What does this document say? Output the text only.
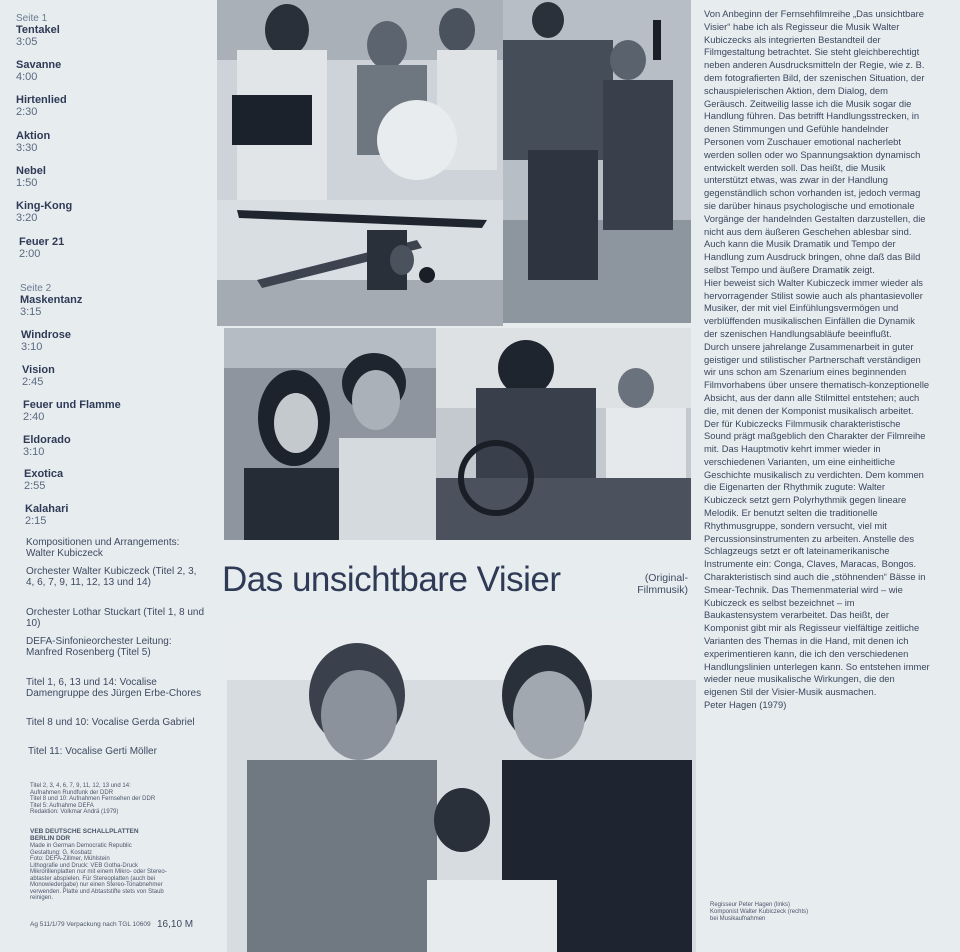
Seite 1
Tentakel
3:05
Savanne
4:00
Hirtenlied
2:30
Aktion
3:30
Nebel
1:50
King-Kong
3:20
Feuer 21
2:00
Seite 2
Maskentanz
3:15
Windrose
3:10
Vision
2:45
Feuer und Flamme
2:40
Eldorado
3:10
Exotica
2:55
Kalahari
2:15
Kompositionen und Arrangements: Walter Kubiczeck
Orchester Walter Kubiczeck (Titel 2, 3, 4, 6, 7, 9, 11, 12, 13 und 14)
Orchester Lothar Stuckart (Titel 1, 8 und 10)
DEFA-Sinfonieorchester Leitung: Manfred Rosenberg (Titel 5)
Titel 1, 6, 13 und 14: Vocalise Damengruppe des Jürgen Erbe-Chores
Titel 8 und 10: Vocalise Gerda Gabriel
Titel 11: Vocalise Gerti Möller
Titel 2, 3, 4, 6, 7, 9, 11, 12, 13 und 14:
Aufnahmen Rundfunk der DDR
Titel 8 und 10: Aufnahmen Fernsehen der DDR
Titel 5: Aufnahme DEFA
Redaktion: Volkmar Andrä (1979)
VEB DEUTSCHE SCHALLPLATTEN
BERLIN DDR
Made in German Democratic Republic
Gestaltung: G. Kosbatz
Foto: DEFA-Zillmer, Mühlstein
Lithografie und Druck: VEB Gotha-Druck
Mikrorillenplatten nur mit einem Mikro- oder Stereo-
abtaster abspielen. Für Stereoplatten (auch bei
Monowiedergabe) nur einen Stereo-Tonabnehmer
verwenden. Platte und Abtaststifte stets von Staub
reinigen.
Ag 511/1/79 Verpackung nach TGL 10609 16,10 M
Das unsichtbare Visier	(Original-
Filmmusik)

Von Anbeginn der Fernsehfilmreihe „Das unsichtbare Visier“ habe ich als Regisseur die Musik Walter Kubiczecks als integrierten Bestandteil der Filmgestaltung betrachtet. Sie steht gleichberechtigt neben anderen Ausdrucksmitteln der Regie, wie z. B. dem fotografierten Bild, der szenischen Situation, der schauspielerischen Aktion, dem Dialog, dem Geräusch. Zeitweilig lasse ich die Musik sogar die Handlung führen. Das betrifft Handlungsstrecken, in denen Stimmungen und Gefühle handelnder Personen vom Zuschauer emotional nacherlebt werden sollen oder wo Spannungsaktion dynamisch entwickelt werden soll. Das heißt, die Musik unterstützt etwas, was zwar in der Handlung gegenständlich schon vorhanden ist, jedoch vermag sie darüber hinaus psychologische und emotionale Vorgänge der handelnden Gestalten darzustellen, die nicht aus dem äußeren Geschehen ablesbar sind. Auch kann die Musik Dramatik und Tempo der Handlung zum Ausdruck bringen, ohne daß das Bild selbst Tempo und äußere Dramatik zeigt.

Hier beweist sich Walter Kubiczeck immer wieder als hervorragender Stilist sowie auch als phantasievoller Musiker, der mit viel Einfühlungsvermögen und verblüffenden musikalischen Einfällen die Dynamik der szenischen Handlungsabläufe beeinflußt.

Durch unsere jahrelange Zusammenarbeit in guter geistiger und stilistischer Partnerschaft verständigen wir uns schon am Szenarium eines beginnenden Filmvorhabens über unsere thematisch-konzeptionelle Absicht, aus der dann alle Stilmittel entstehen; auch die, mit denen der Komponist musikalisch arbeitet. Der für Kubiczecks Filmmusik charakteristische Sound prägt maßgeblich den Charakter der Filmreihe mit. Das Hauptmotiv kehrt immer wieder in verschiedenen Varianten, um eine einheitliche Geschichte musikalisch zu verdichten. Dem kommen die Eigenarten der Rhythmik zugute: Walter Kubiczeck setzt gern Polyrhythmik gegen lineare Melodik. Er benutzt selten die traditionelle Rhythmusgruppe, sondern versucht, viel mit Percussionsinstrumenten zu arbeiten. Anstelle des Schlagzeugs setzt er oft lateinamerikanische Instrumente ein: Conga, Claves, Maracas, Bongos. Charakteristisch sind auch die „stöhnenden“ Bässe in Smear-Technik. Das Themenmaterial wird – wie Kubiczeck es selbst bezeichnet – im Baukastensystem verarbeitet. Das heißt, der Komponist gibt mir als Regisseur vielfältige zeitliche Varianten des Themas in die Hand, mit denen ich experimentieren kann, die ich den verschiedenen Handlungslinien unterlegen kann. So entstehen immer wieder neue musikalische Wirkungen, die den eigenen Stil der Visier-Musik ausmachen.

Peter Hagen (1979)

Regisseur Peter Hagen (links)
Komponist Walter Kubiczeck (rechts)
bei Musikaufnahmen
